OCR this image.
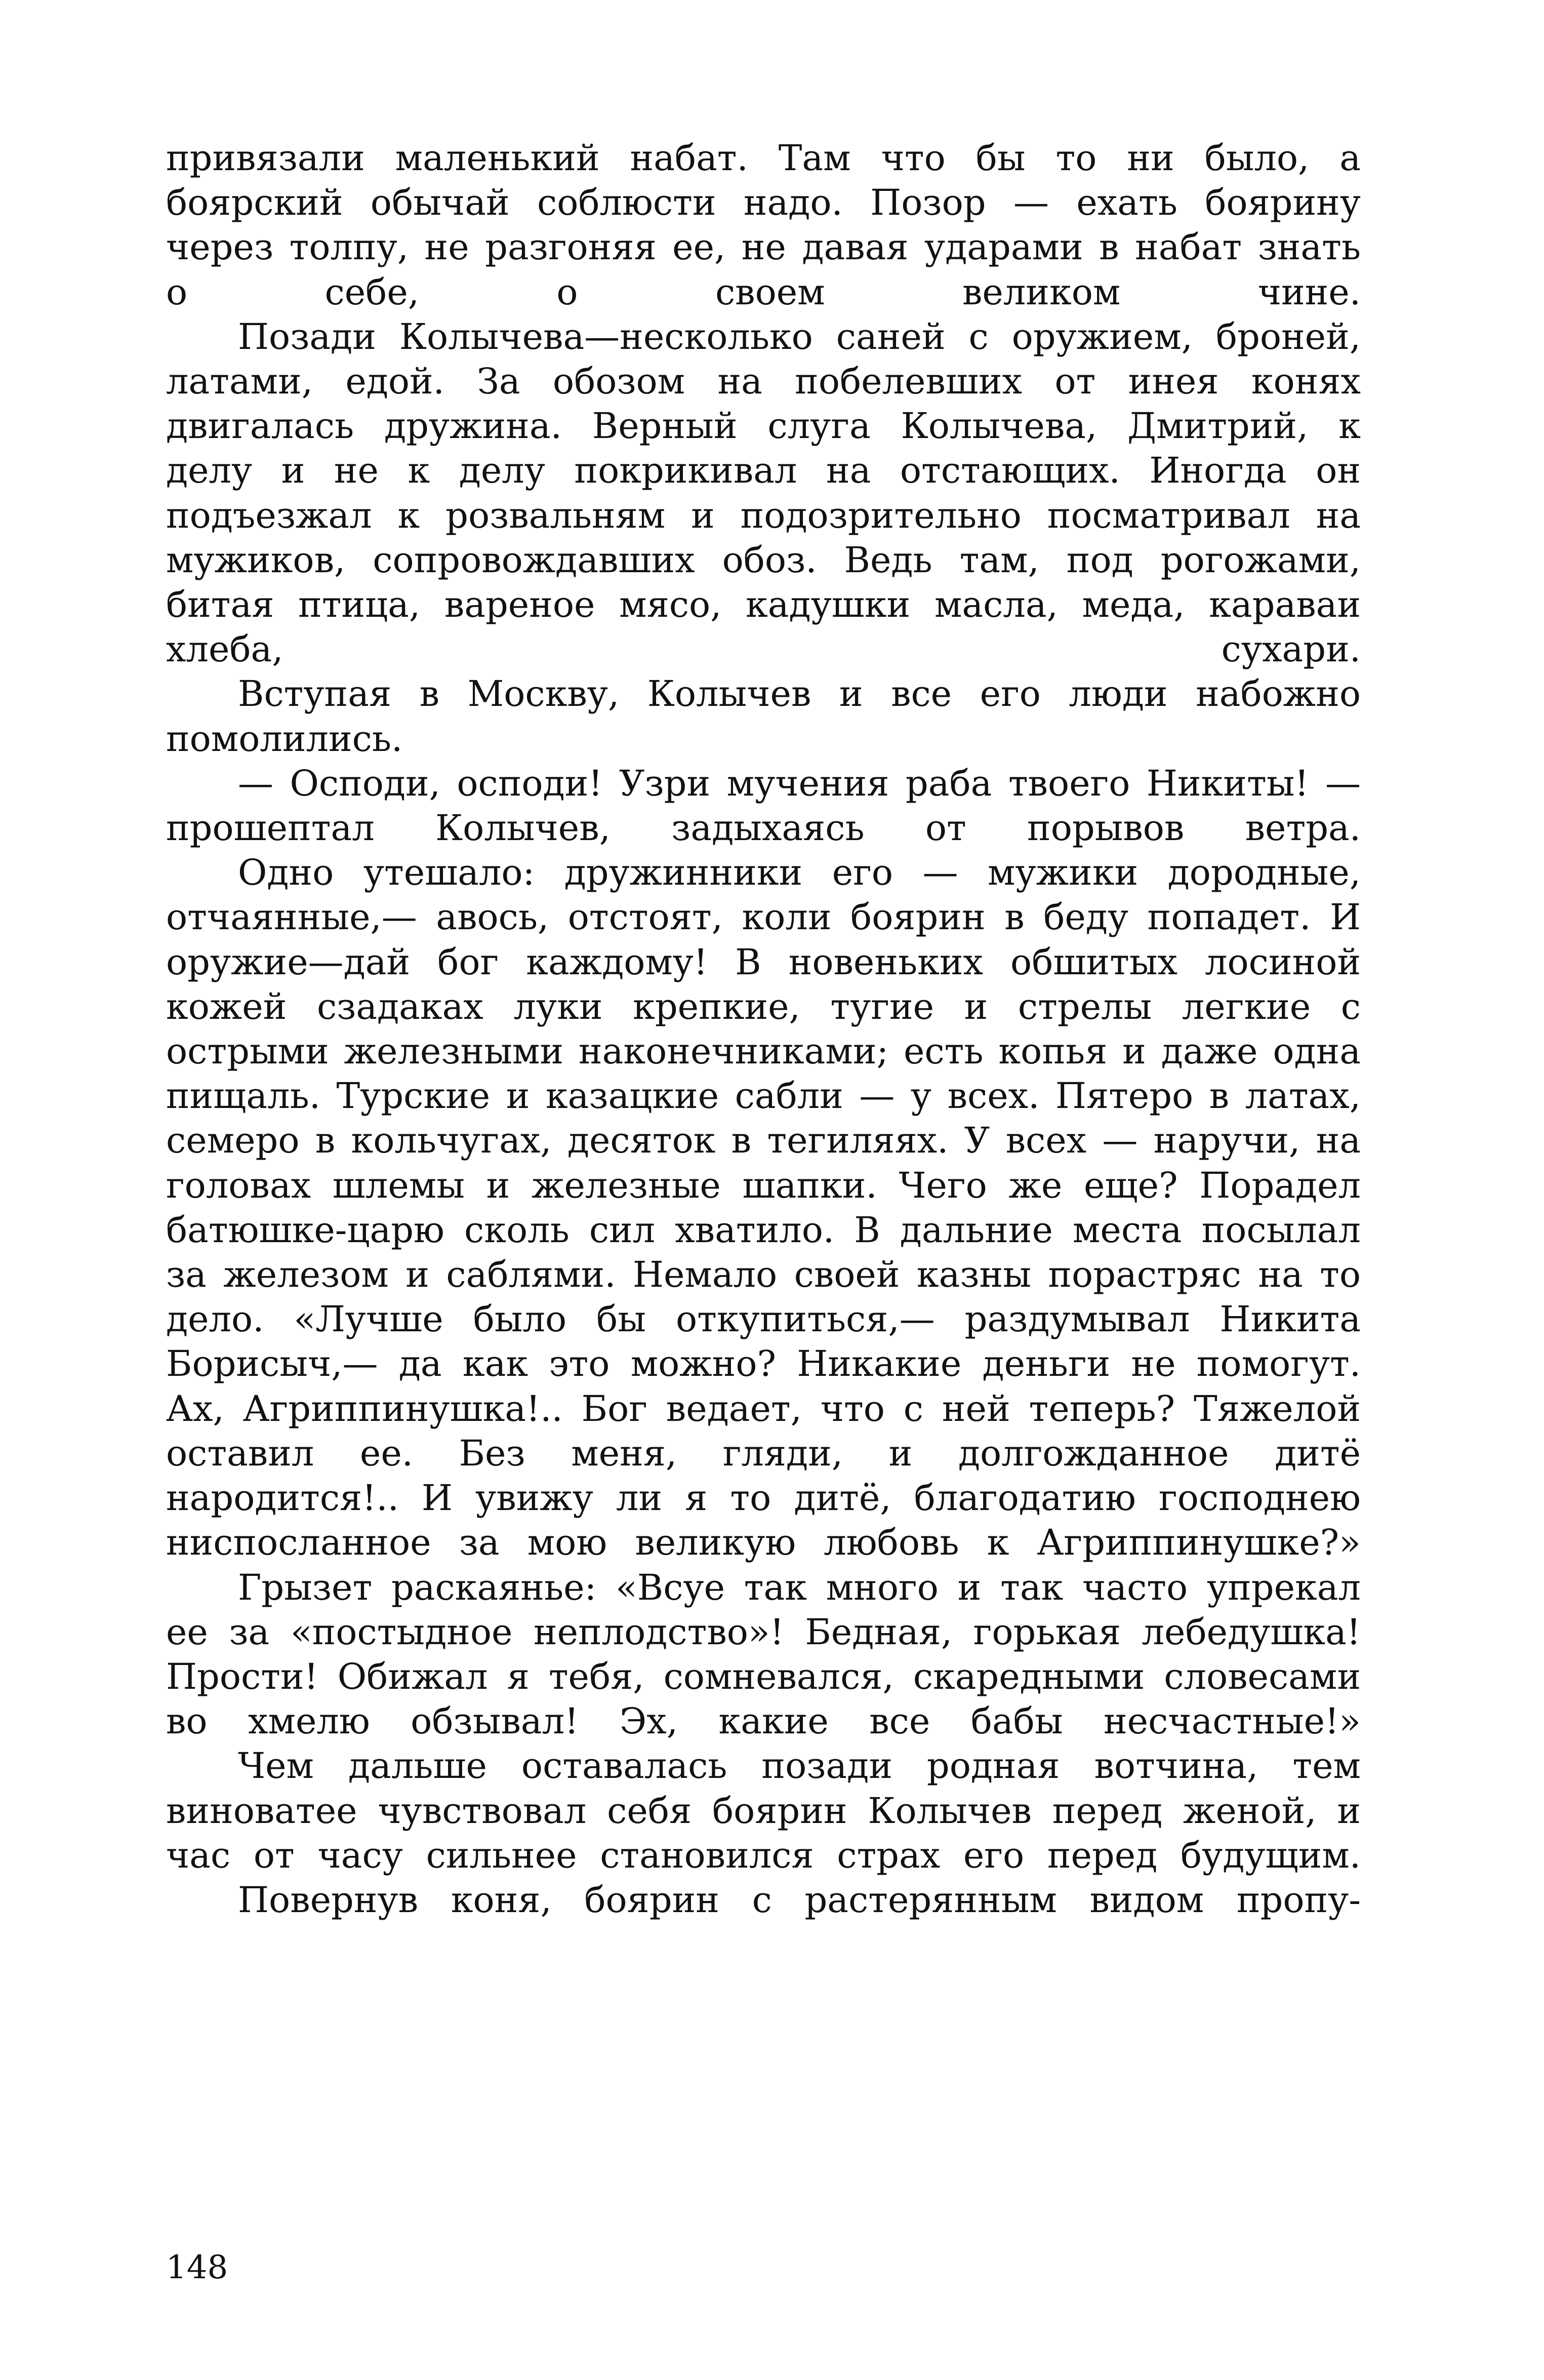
привязали маленький набат. Там что бы то ни было, а боярский обычай соблюсти надо. Позор — ехать боярину через толпу, не разгоняя ее, не давая ударами в набат знать о себе, о своем великом чине.

Позади Колычева—несколько саней с оружием, броней, латами, едой. За обозом на побелевших от инея конях двигалась дружина. Верный слуга Колычева, Дмитрий, к делу и не к делу покрикивал на отстающих. Иногда он подъезжал к розвальням и подозрительно посматривал на мужиков, сопровождавших обоз. Ведь там, под рогожами, битая птица, вареное мясо, кадушки масла, меда, караваи хлеба, сухари.

Вступая в Москву, Колычев и все его люди набожно помолились.

— Осподи, осподи! Узри мучения раба твоего Никиты! — прошептал Колычев, задыхаясь от порывов ветра.

Одно утешало: дружинники его — мужики дородные, отчаянные,— авось, отстоят, коли боярин в беду попадет. И оружие—дай бог каждому! В новеньких обшитых лосиной кожей сзадаках луки крепкие, тугие и стрелы легкие с острыми железными наконечниками; есть копья и даже одна пищаль. Турские и казацкие сабли — у всех. Пятеро в латах, семеро в кольчугах, десяток в тегиляях. У всех — наручи, на головах шлемы и железные шапки. Чего же еще? Порадел батюшке-царю сколь сил хватило. В дальние места посылал за железом и саблями. Немало своей казны порастряс на то дело. «Лучше было бы откупиться,— раздумывал Никита Борисыч,— да как это можно? Никакие деньги не помогут. Ах, Агриппинушка!.. Бог ведает, что с ней теперь? Тяжелой оставил ее. Без меня, гляди, и долгожданное дитё народится!.. И увижу ли я то дитё, благодатию господнею ниспосланное за мою великую любовь к Агриппинушке?»

Грызет раскаянье: «Всуе так много и так часто упрекал ее за «постыдное неплодство»! Бедная, горькая лебедушка! Прости! Обижал я тебя, сомневался, скаредными словесами во хмелю обзывал! Эх, какие все бабы несчастные!»

Чем дальше оставалась позади родная вотчина, тем виноватее чувствовал себя боярин Колычев перед женой, и час от часу сильнее становился страх его перед будущим.

Повернув коня, боярин с растерянным видом пропу-

148
